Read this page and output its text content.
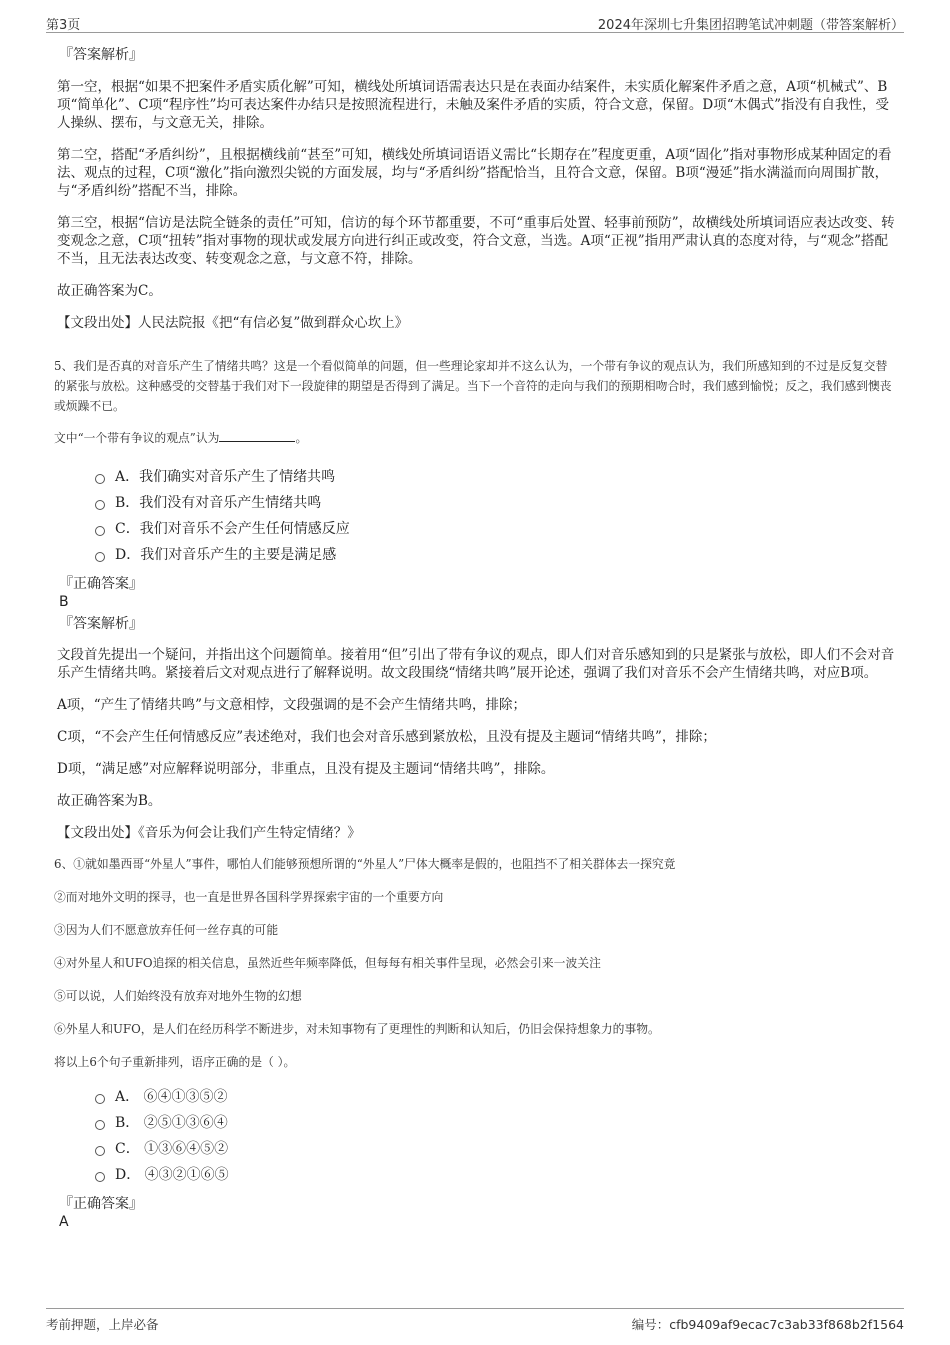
第3页	2024年深圳七升集团招聘笔试冲刺题（带答案解析）
『答案解析』

第一空，根据“如果不把案件矛盾实质化解”可知，横线处所填词语需表达只是在表面办结案件，未实质化解案件矛盾之意，A项“机械式”、B项“简单化”、C项“程序性”均可表达案件办结只是按照流程进行，未触及案件矛盾的实质，符合文意，保留。D项“木偶式”指没有自我性，受人操纵、摆布，与文意无关，排除。

第二空，搭配“矛盾纠纷”，且根据横线前“甚至”可知，横线处所填词语语义需比“长期存在”程度更重，A项“固化”指对事物形成某种固定的看法、观点的过程，C项“激化”指向激烈尖锐的方面发展，均与“矛盾纠纷”搭配恰当，且符合文意，保留。B项“漫延”指水满溢而向周围扩散，与“矛盾纠纷”搭配不当，排除。

第三空，根据“信访是法院全链条的责任”可知，信访的每个环节都重要，不可“重事后处置、轻事前预防”，故横线处所填词语应表达改变、转变观念之意，C项“扭转”指对事物的现状或发展方向进行纠正或改变，符合文意，当选。A项“正视”指用严肃认真的态度对待，与“观念”搭配不当，且无法表达改变、转变观念之意，与文意不符，排除。

故正确答案为C。

【文段出处】人民法院报《把“有信必复”做到群众心坎上》

5、我们是否真的对音乐产生了情绪共鸣？这是一个看似简单的问题，但一些理论家却并不这么认为，一个带有争议的观点认为，我们所感知到的不过是反复交替的紧张与放松。这种感受的交替基于我们对下一段旋律的期望是否得到了满足。当下一个音符的走向与我们的预期相吻合时，我们感到愉悦；反之，我们感到懊丧或烦躁不已。

文中“一个带有争议的观点”认为	。

A．我们确实对音乐产生了情绪共鸣
B．我们没有对音乐产生情绪共鸣
C．我们对音乐不会产生任何情感反应
D．我们对音乐产生的主要是满足感
『正确答案』
B
『答案解析』

文段首先提出一个疑问，并指出这个问题简单。接着用“但”引出了带有争议的观点，即人们对音乐感知到的只是紧张与放松，即人们不会对音乐产生情绪共鸣。紧接着后文对观点进行了解释说明。故文段围绕“情绪共鸣”展开论述，强调了我们对音乐不会产生情绪共鸣，对应B项。

A项，“产生了情绪共鸣”与文意相悖，文段强调的是不会产生情绪共鸣，排除；

C项，“不会产生任何情感反应”表述绝对，我们也会对音乐感到紧放松，且没有提及主题词“情绪共鸣”，排除；

D项，“满足感”对应解释说明部分，非重点，且没有提及主题词“情绪共鸣”，排除。

故正确答案为B。

【文段出处】《音乐为何会让我们产生特定情绪？》

6、①就如墨西哥“外星人”事件，哪怕人们能够预想所谓的“外星人”尸体大概率是假的，也阻挡不了相关群体去一探究竟

②而对地外文明的探寻，也一直是世界各国科学界探索宇宙的一个重要方向

③因为人们不愿意放弃任何一丝存真的可能

④对外星人和UFO追探的相关信息，虽然近些年频率降低，但每每有相关事件呈现，必然会引来一波关注

⑤可以说，人们始终没有放弃对地外生物的幻想

⑥外星人和UFO，是人们在经历科学不断进步，对未知事物有了更理性的判断和认知后，仍旧会保持想象力的事物。

将以上6个句子重新排列，语序正确的是（ ）。

A． ⑥④①③⑤②
B． ②⑤①③⑥④
C． ①③⑥④⑤②
D． ④③②①⑥⑤
『正确答案』
A
考前押题，上岸必备	编号：cfb9409af9ecac7c3ab33f868b2f1564
